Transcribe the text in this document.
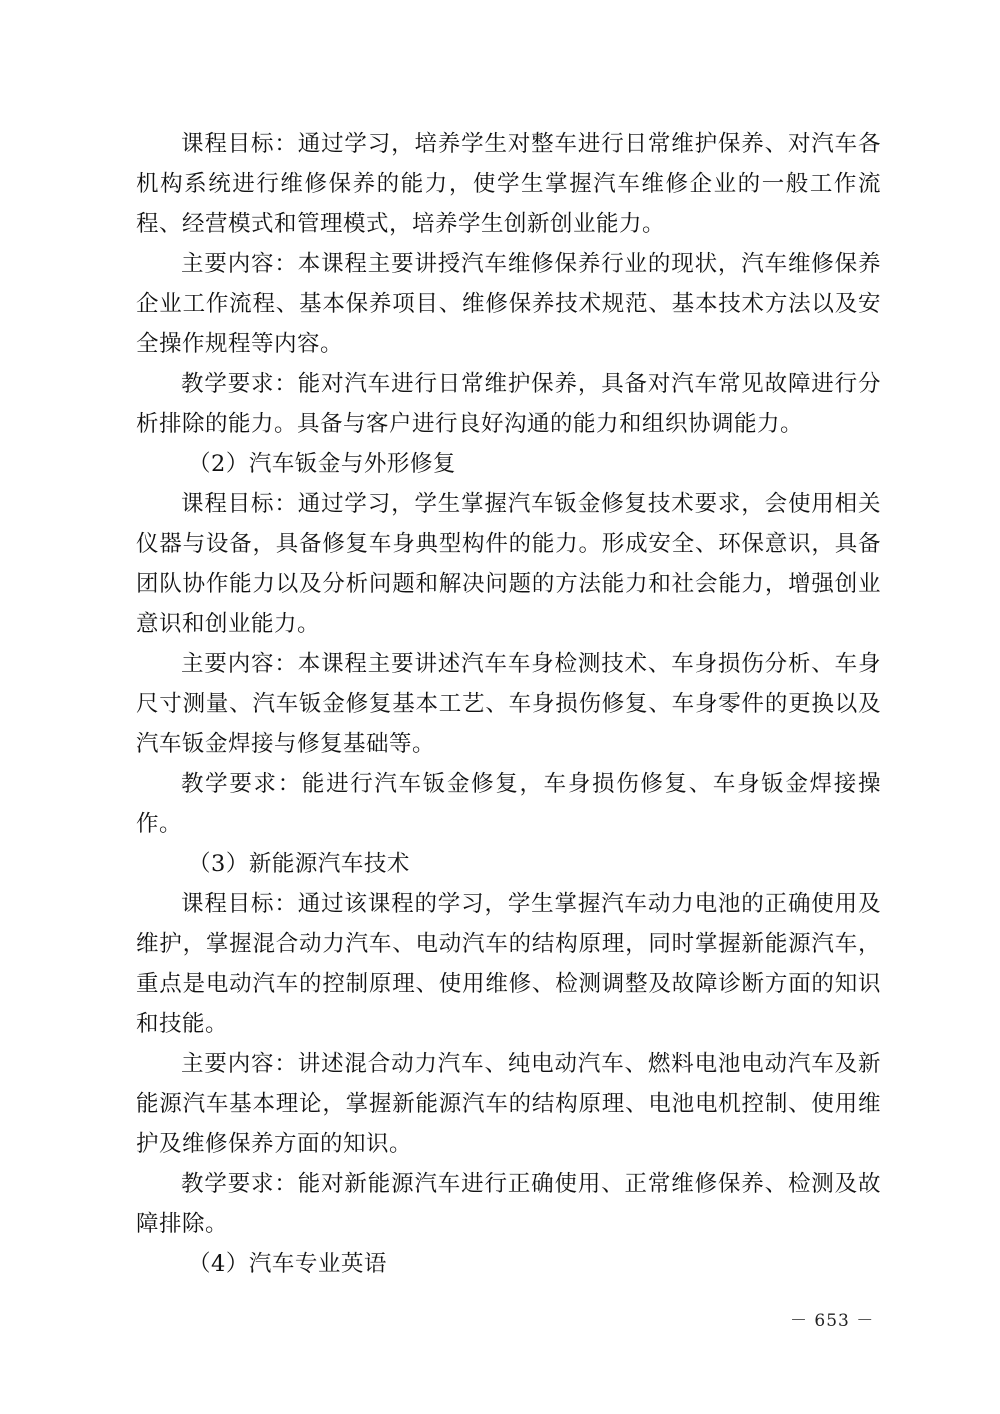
课程目标：通过学习，培养学生对整车进行日常维护保养、对汽车各机构系统进行维修保养的能力，使学生掌握汽车维修企业的一般工作流程、经营模式和管理模式，培养学生创新创业能力。

主要内容：本课程主要讲授汽车维修保养行业的现状，汽车维修保养企业工作流程、基本保养项目、维修保养技术规范、基本技术方法以及安全操作规程等内容。

教学要求：能对汽车进行日常维护保养，具备对汽车常见故障进行分析排除的能力。具备与客户进行良好沟通的能力和组织协调能力。

（2）汽车钣金与外形修复

课程目标：通过学习，学生掌握汽车钣金修复技术要求，会使用相关仪器与设备，具备修复车身典型构件的能力。形成安全、环保意识，具备团队协作能力以及分析问题和解决问题的方法能力和社会能力，增强创业意识和创业能力。

主要内容：本课程主要讲述汽车车身检测技术、车身损伤分析、车身尺寸测量、汽车钣金修复基本工艺、车身损伤修复、车身零件的更换以及汽车钣金焊接与修复基础等。

教学要求：能进行汽车钣金修复，车身损伤修复、车身钣金焊接操作。

（3）新能源汽车技术

课程目标：通过该课程的学习，学生掌握汽车动力电池的正确使用及维护，掌握混合动力汽车、电动汽车的结构原理，同时掌握新能源汽车，重点是电动汽车的控制原理、使用维修、检测调整及故障诊断方面的知识和技能。

主要内容：讲述混合动力汽车、纯电动汽车、燃料电池电动汽车及新能源汽车基本理论，掌握新能源汽车的结构原理、电池电机控制、使用维护及维修保养方面的知识。

教学要求：能对新能源汽车进行正确使用、正常维修保养、检测及故障排除。

（4）汽车专业英语

－ 653 －
